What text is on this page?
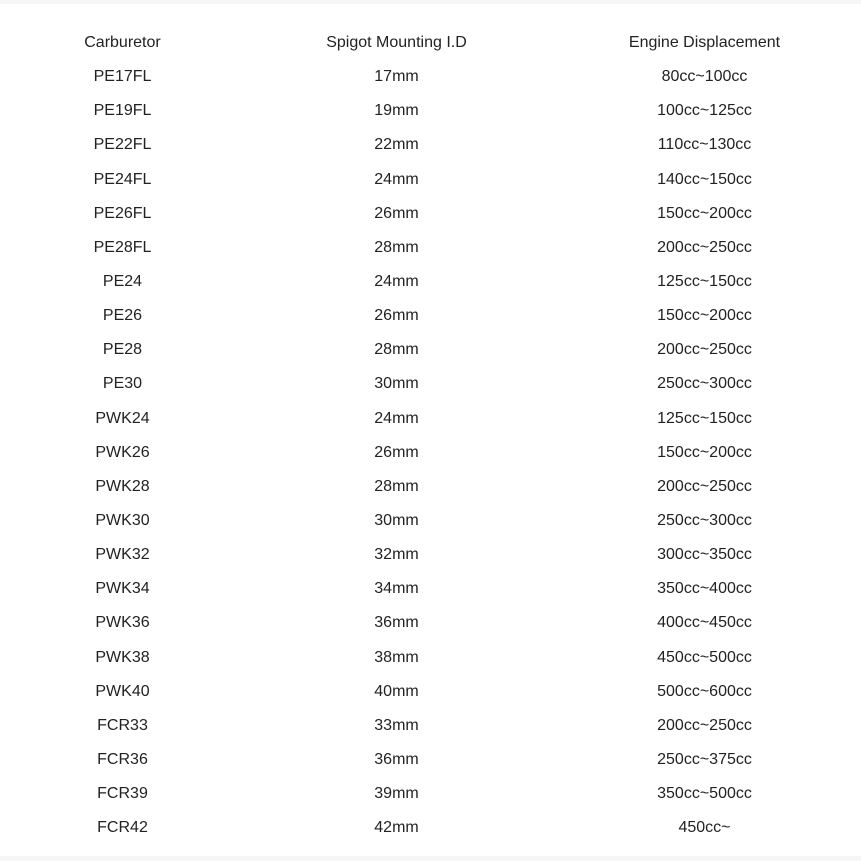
Carburetor	Spigot Mounting I.D	Engine Displacement
PE17FL	17mm	80cc~100cc
PE19FL	19mm	100cc~125cc
PE22FL	22mm	110cc~130cc
PE24FL	24mm	140cc~150cc
PE26FL	26mm	150cc~200cc
PE28FL	28mm	200cc~250cc
PE24	24mm	125cc~150cc
PE26	26mm	150cc~200cc
PE28	28mm	200cc~250cc
PE30	30mm	250cc~300cc
PWK24	24mm	125cc~150cc
PWK26	26mm	150cc~200cc
PWK28	28mm	200cc~250cc
PWK30	30mm	250cc~300cc
PWK32	32mm	300cc~350cc
PWK34	34mm	350cc~400cc
PWK36	36mm	400cc~450cc
PWK38	38mm	450cc~500cc
PWK40	40mm	500cc~600cc
FCR33	33mm	200cc~250cc
FCR36	36mm	250cc~375cc
FCR39	39mm	350cc~500cc
FCR42	42mm	450cc~
